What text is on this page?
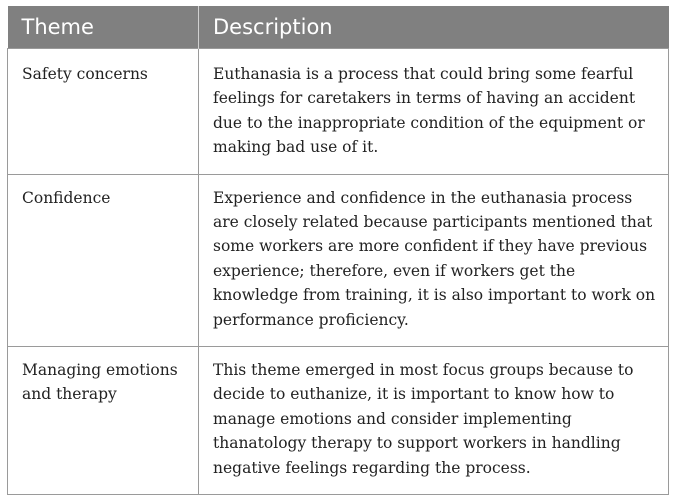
Theme	Description
Safety concerns	Euthanasia is a process that could bring some fearful feelings for caretakers in terms of having an accident due to the inappropriate condition of the equipment or making bad use of it.
Confidence	Experience and confidence in the euthanasia process are closely related because participants mentioned that some workers are more confident if they have previous experience; therefore, even if workers get the knowledge from training, it is also important to work on performance proficiency.
Managing emotions and therapy	This theme emerged in most focus groups because to decide to euthanize, it is important to know how to manage emotions and consider implementing thanatology therapy to support workers in handling negative feelings regarding the process.
